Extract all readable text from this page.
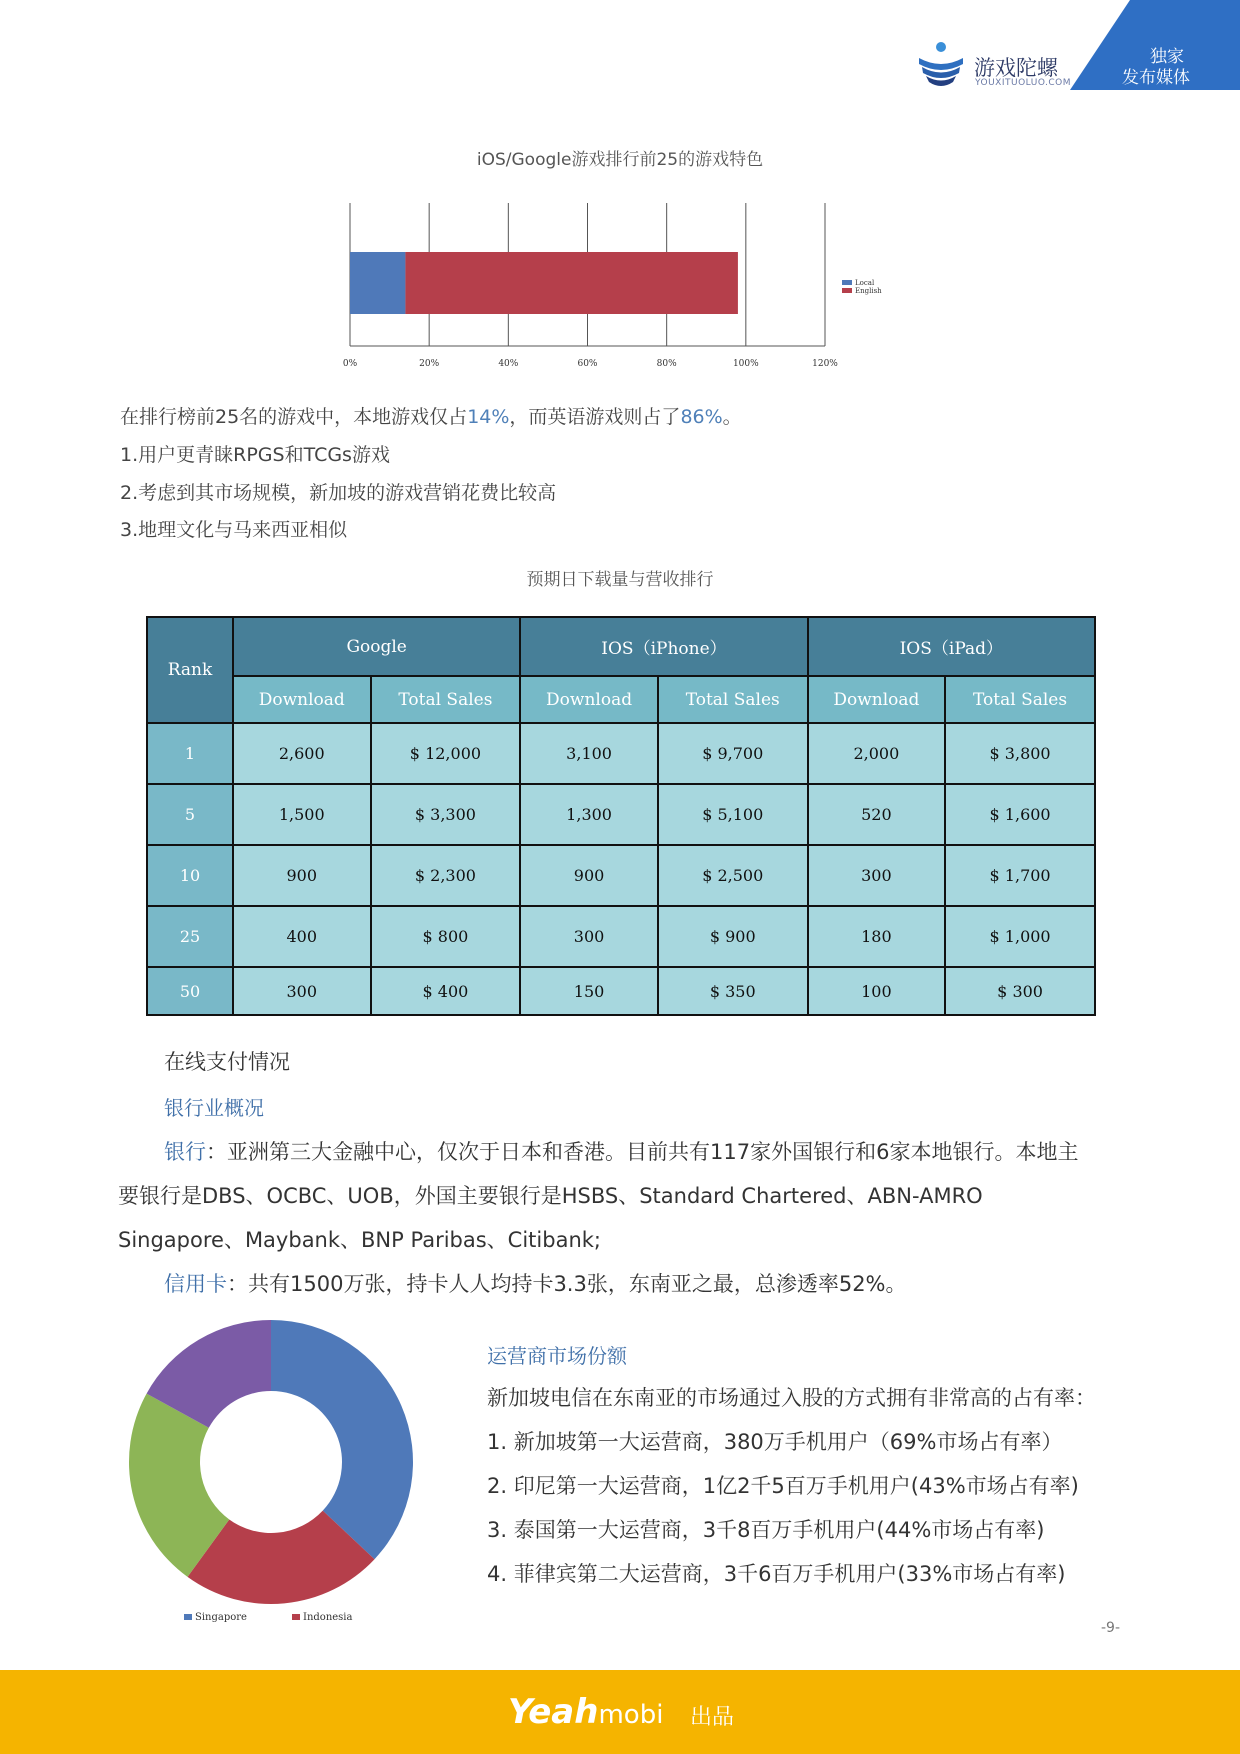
游戏陀螺
YOUXITUOLUO.COM
独家
发布媒体
iOS/Google游戏排行前25的游戏特色
0%	20%	40%	60%	80%	100%	120%
Local
English
在排行榜前25名的游戏中，本地游戏仅占14%，而英语游戏则占了86%。
1.用户更青睐RPGS和TCGs游戏
2.考虑到其市场规模，新加坡的游戏营销花费比较高
3.地理文化与马来西亚相似
预期日下载量与营收排行
Rank	Google		IOS（iPhone）		IOS（iPad）	
	Download	Total Sales	Download	Total Sales	Download	Total Sales
1	2,600	$ 12,000	3,100	$ 9,700	2,000	$ 3,800
5	1,500	$ 3,300	1,300	$ 5,100	520	$ 1,600
10	900	$ 2,300	900	$ 2,500	300	$ 1,700
25	400	$ 800	300	$ 900	180	$ 1,000
50	300	$ 400	150	$ 350	100	$ 300
在线支付情况
银行业概况
银行：亚洲第三大金融中心，仅次于日本和香港。目前共有117家外国银行和6家本地银行。本地主
要银行是DBS、OCBC、UOB，外国主要银行是HSBS、Standard Chartered、ABN-AMRO
Singapore、Maybank、BNP Paribas、Citibank;
信用卡：共有1500万张，持卡人人均持卡3.3张，东南亚之最，总渗透率52%。
Singapore	Indonesia
运营商市场份额
新加坡电信在东南亚的市场通过入股的方式拥有非常高的占有率：
1. 新加坡第一大运营商，380万手机用户（69%市场占有率）
2. 印尼第一大运营商，1亿2千5百万手机用户(43%市场占有率)
3. 泰国第一大运营商，3千8百万手机用户(44%市场占有率)
4. 菲律宾第二大运营商，3千6百万手机用户(33%市场占有率)
-9-
Yeahmobi 出品
